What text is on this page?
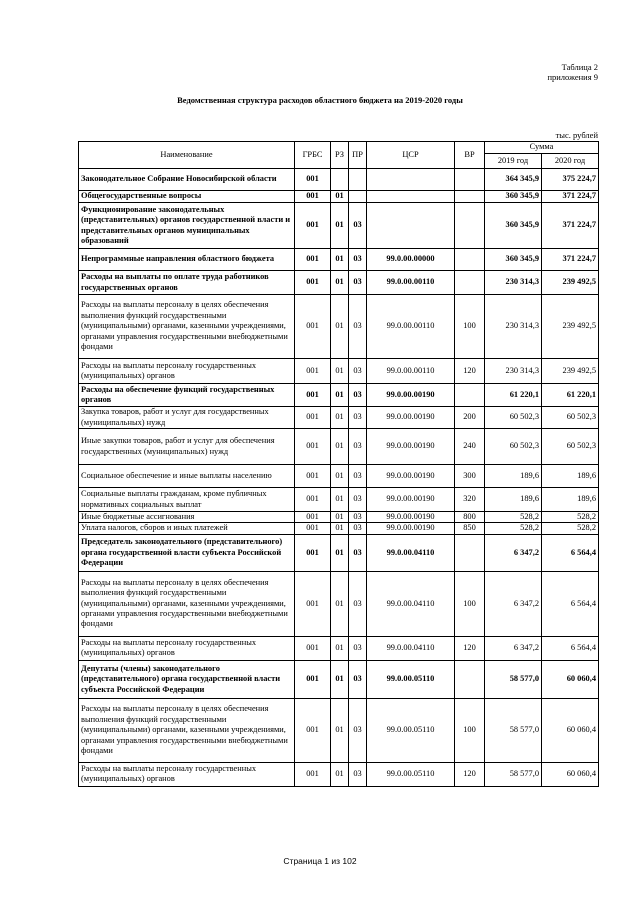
Таблица 2
приложения 9
Ведомственная структура расходов областного бюджета на 2019-2020 годы
тыс. рублей
Наименование	ГРБС	РЗ	ПР	ЦСР	ВР	Сумма	
						2019 год	2020 год
Законодательное Собрание Новосибирской области	001					364 345,9	375 224,7
Общегосударственные вопросы	001	01				360 345,9	371 224,7
Функционирование законодательных (представительных) органов государственной власти и представительных органов муниципальных образований	001	01	03			360 345,9	371 224,7
Непрограммные направления областного бюджета	001	01	03	99.0.00.00000		360 345,9	371 224,7
Расходы на выплаты по оплате труда работников государственных органов	001	01	03	99.0.00.00110		230 314,3	239 492,5
Расходы на выплаты персоналу в целях обеспечения выполнения функций государственными (муниципальными) органами, казенными учреждениями, органами управления государственными внебюджетными фондами	001	01	03	99.0.00.00110	100	230 314,3	239 492,5
Расходы на выплаты персоналу государственных (муниципальных) органов	001	01	03	99.0.00.00110	120	230 314,3	239 492,5
Расходы на обеспечение функций государственных органов	001	01	03	99.0.00.00190		61 220,1	61 220,1
Закупка товаров, работ и услуг для государственных (муниципальных) нужд	001	01	03	99.0.00.00190	200	60 502,3	60 502,3
Иные закупки товаров, работ и услуг для обеспечения государственных (муниципальных) нужд	001	01	03	99.0.00.00190	240	60 502,3	60 502,3
Социальное обеспечение и иные выплаты населению	001	01	03	99.0.00.00190	300	189,6	189,6
Социальные выплаты гражданам, кроме публичных нормативных социальных выплат	001	01	03	99.0.00.00190	320	189,6	189,6
Иные бюджетные ассигнования	001	01	03	99.0.00.00190	800	528,2	528,2
Уплата налогов, сборов и иных платежей	001	01	03	99.0.00.00190	850	528,2	528,2
Председатель законодательного (представительного) органа государственной власти субъекта Российской Федерации	001	01	03	99.0.00.04110		6 347,2	6 564,4
Расходы на выплаты персоналу в целях обеспечения выполнения функций государственными (муниципальными) органами, казенными учреждениями, органами управления государственными внебюджетными фондами	001	01	03	99.0.00.04110	100	6 347,2	6 564,4
Расходы на выплаты персоналу государственных (муниципальных) органов	001	01	03	99.0.00.04110	120	6 347,2	6 564,4
Депутаты (члены) законодательного (представительного) органа государственной власти субъекта Российской Федерации	001	01	03	99.0.00.05110		58 577,0	60 060,4
Расходы на выплаты персоналу в целях обеспечения выполнения функций государственными (муниципальными) органами, казенными учреждениями, органами управления государственными внебюджетными фондами	001	01	03	99.0.00.05110	100	58 577,0	60 060,4
Расходы на выплаты персоналу государственных (муниципальных) органов	001	01	03	99.0.00.05110	120	58 577,0	60 060,4
Страница 1 из 102
